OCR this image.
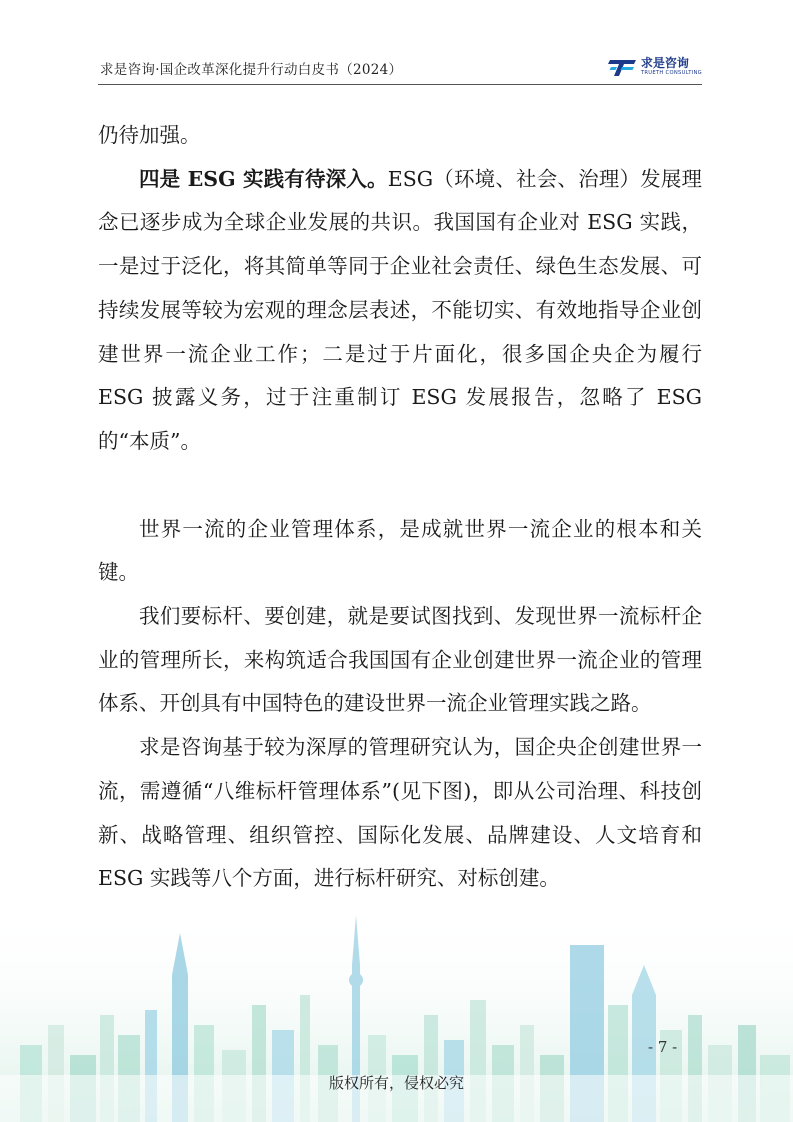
求是咨询·国企改革深化提升行动白皮书（2024）	求是咨询
TRUETH CONSULTING

仍待加强。

四是 ESG 实践有待深入。ESG（环境、社会、治理）发展理念已逐步成为全球企业发展的共识。我国国有企业对 ESG 实践，一是过于泛化，将其简单等同于企业社会责任、绿色生态发展、可持续发展等较为宏观的理念层表述，不能切实、有效地指导企业创建世界一流企业工作；二是过于片面化，很多国企央企为履行 ESG 披露义务，过于注重制订 ESG 发展报告，忽略了 ESG 的“本质”。

世界一流的企业管理体系，是成就世界一流企业的根本和关键。

我们要标杆、要创建，就是要试图找到、发现世界一流标杆企业的管理所长，来构筑适合我国国有企业创建世界一流企业的管理体系、开创具有中国特色的建设世界一流企业管理实践之路。

求是咨询基于较为深厚的管理研究认为，国企央企创建世界一流，需遵循“八维标杆管理体系”(见下图)，即从公司治理、科技创新、战略管理、组织管控、国际化发展、品牌建设、人文培育和 ESG 实践等八个方面，进行标杆研究、对标创建。

- 7 -
版权所有，侵权必究
